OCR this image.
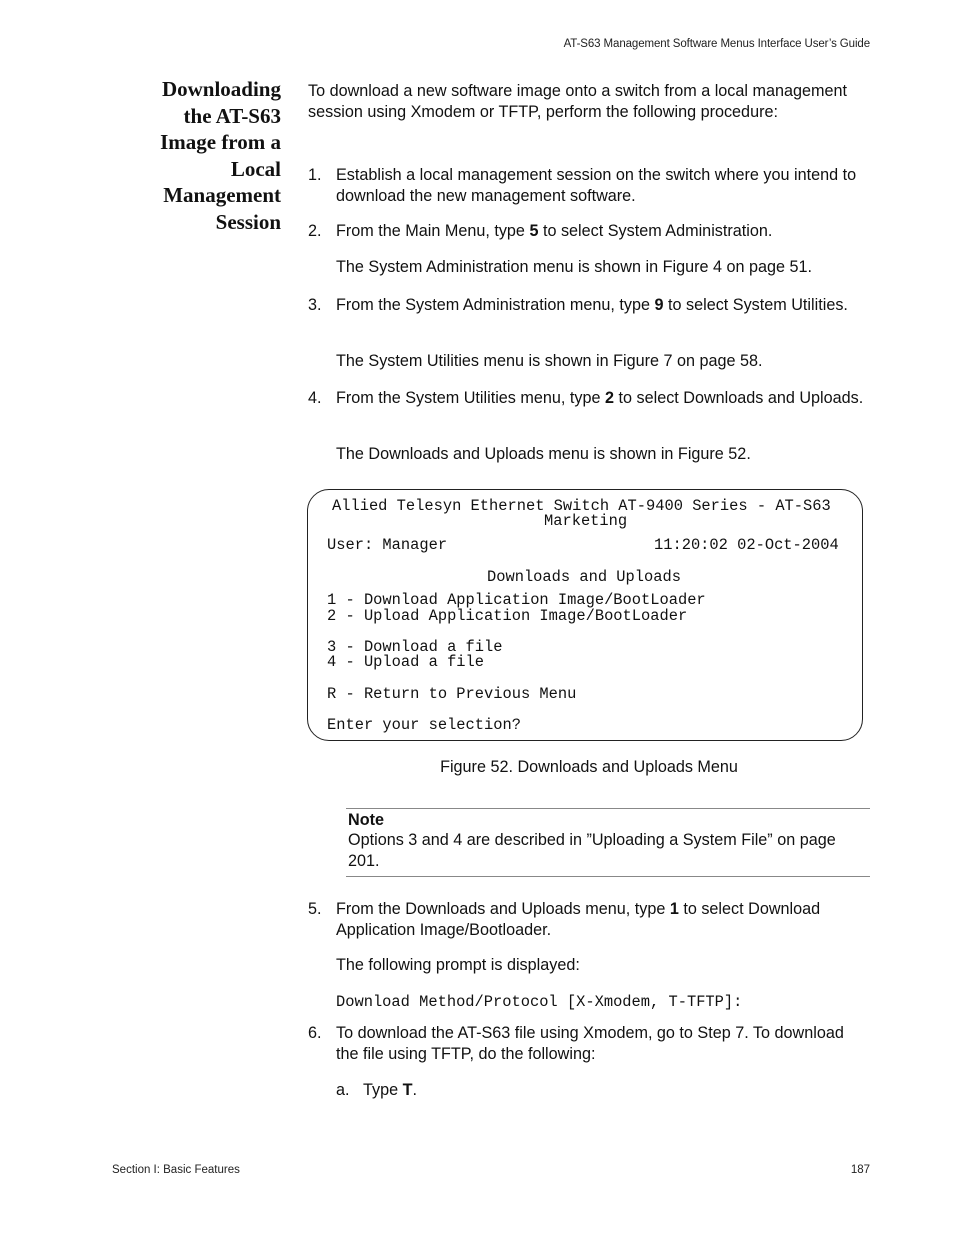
AT-S63 Management Software Menus Interface User’s Guide
Downloading
the AT-S63
Image from a
Local
Management
Session
To download a new software image onto a switch from a local management session using Xmodem or TFTP, perform the following procedure:
1. Establish a local management session on the switch where you intend to download the new management software.
2. From the Main Menu, type 5 to select System Administration.
The System Administration menu is shown in Figure 4 on page 51.
3. From the System Administration menu, type 9 to select System Utilities.
The System Utilities menu is shown in Figure 7 on page 58.
4. From the System Utilities menu, type 2 to select Downloads and Uploads.
The Downloads and Uploads menu is shown in Figure 52.
Allied Telesyn Ethernet Switch AT-9400 Series - AT-S63
Marketing
User: Manager	11:20:02 02-Oct-2004
Downloads and Uploads
1 - Download Application Image/BootLoader
2 - Upload Application Image/BootLoader
3 - Download a file
4 - Upload a file
R - Return to Previous Menu
Enter your selection?
Figure 52. Downloads and Uploads Menu
Note
Options 3 and 4 are described in ”Uploading a System File” on page 201.
5. From the Downloads and Uploads menu, type 1 to select Download Application Image/Bootloader.
The following prompt is displayed:
Download Method/Protocol [X-Xmodem, T-TFTP]:
6. To download the AT-S63 file using Xmodem, go to Step 7. To download the file using TFTP, do the following:
a. Type T.
Section I: Basic Features	187
